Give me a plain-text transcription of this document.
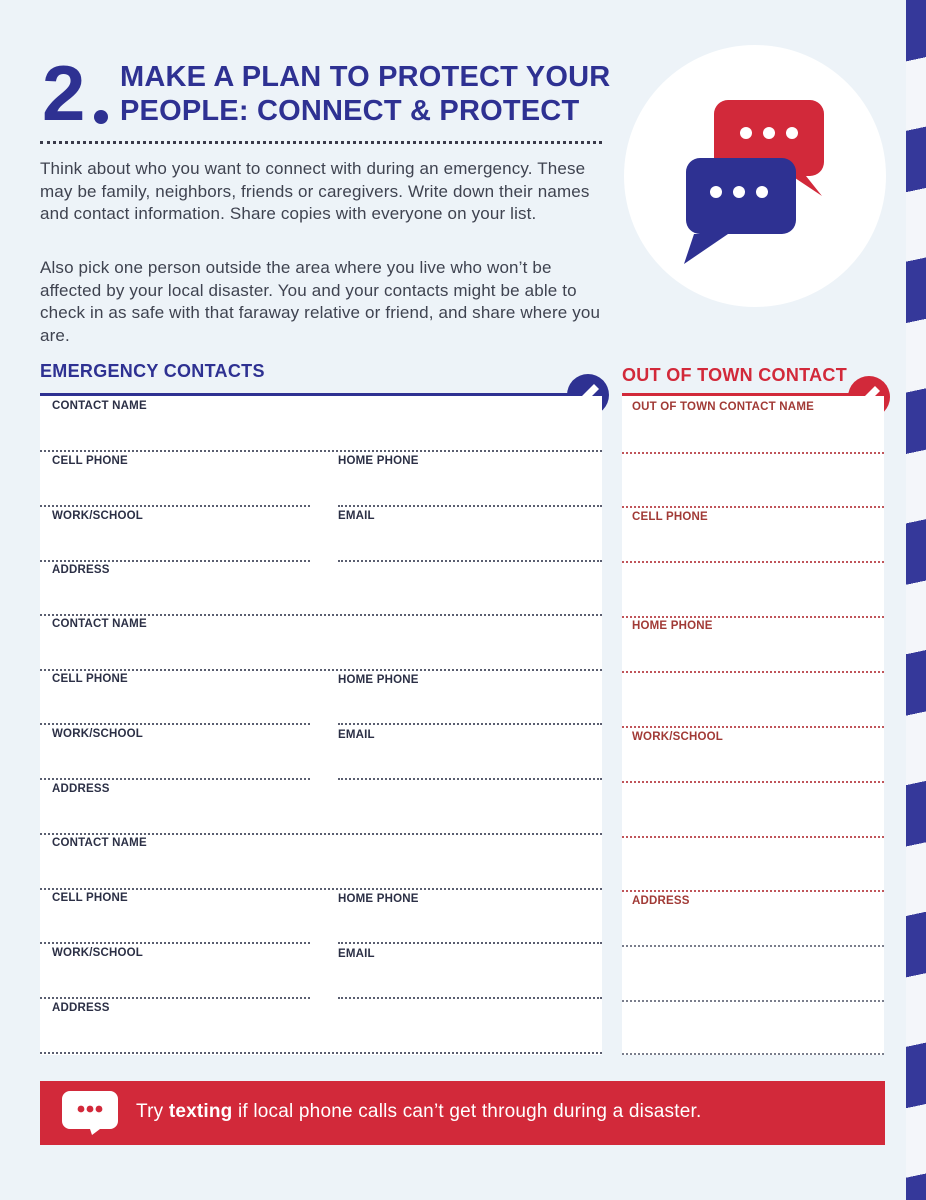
2 MAKE A PLAN TO PROTECT YOUR
PEOPLE: CONNECT & PROTECT

Think about who you want to connect with during an emergency. These may be family, neighbors, friends or caregivers. Write down their names and contact information. Share copies with everyone on your list.

Also pick one person outside the area where you live who won’t be affected by your local disaster. You and your contacts might be able to check in as safe with that faraway relative or friend, and share where you are.

EMERGENCY CONTACTS	OUT OF TOWN CONTACT
CONTACT NAME
CELL PHONE	HOME PHONE
WORK/SCHOOL	EMAIL
ADDRESS
CONTACT NAME
CELL PHONE	HOME PHONE
WORK/SCHOOL	EMAIL
ADDRESS
CONTACT NAME
CELL PHONE	HOME PHONE
WORK/SCHOOL	EMAIL
ADDRESS
OUT OF TOWN CONTACT NAME
CELL PHONE
HOME PHONE
WORK/SCHOOL
ADDRESS
Try texting if local phone calls can’t get through during a disaster.
